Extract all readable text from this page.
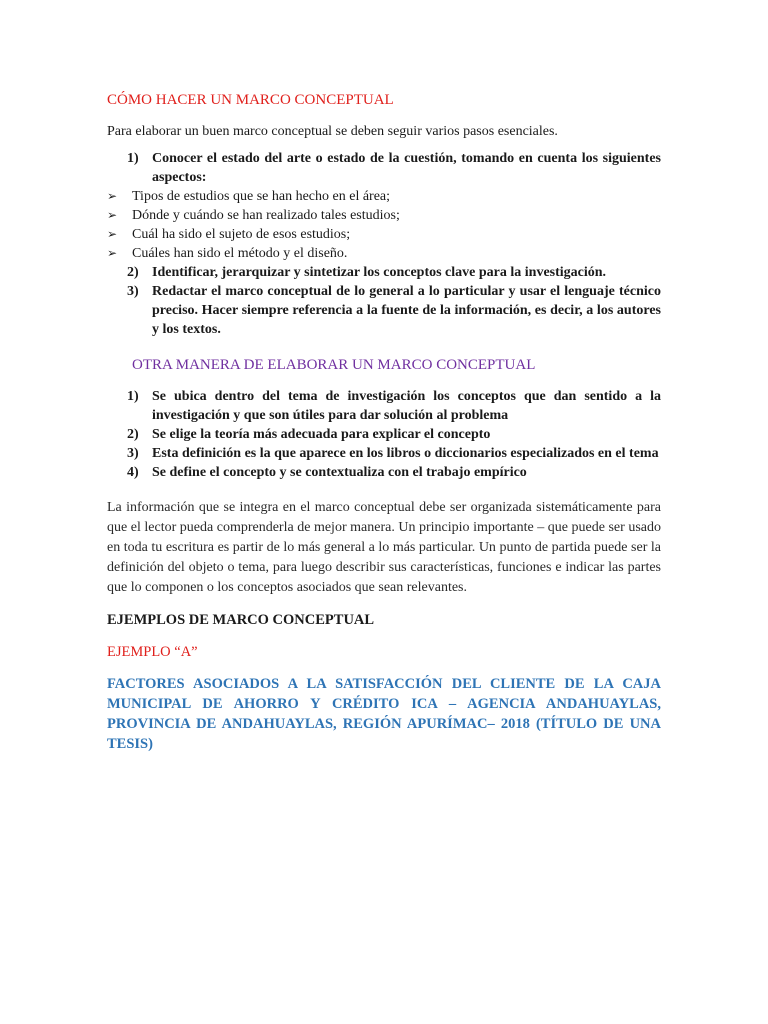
CÓMO HACER UN MARCO CONCEPTUAL
Para elaborar un buen marco conceptual se deben seguir varios pasos esenciales.
1) Conocer el estado del arte o estado de la cuestión, tomando en cuenta los siguientes aspectos:
➢	Tipos de estudios que se han hecho en el área;
➢	Dónde y cuándo se han realizado tales estudios;
➢	Cuál ha sido el sujeto de esos estudios;
➢	Cuáles han sido el método y el diseño.
2) Identificar, jerarquizar y sintetizar los conceptos clave para la investigación.
3) Redactar el marco conceptual de lo general a lo particular y usar el lenguaje técnico preciso. Hacer siempre referencia a la fuente de la información, es decir, a los autores y los textos.
OTRA MANERA DE ELABORAR UN MARCO CONCEPTUAL
1) Se ubica dentro del tema de investigación los conceptos que dan sentido a la investigación y que son útiles para dar solución al problema
2) Se elige la teoría más adecuada para explicar el concepto
3) Esta definición es la que aparece en los libros o diccionarios especializados en el tema
4) Se define el concepto y se contextualiza con el trabajo empírico

La información que se integra en el marco conceptual debe ser organizada sistemáticamente para que el lector pueda comprenderla de mejor manera. Un principio importante – que puede ser usado en toda tu escritura es partir de lo más general a lo más particular. Un punto de partida puede ser la definición del objeto o tema, para luego describir sus características, funciones e indicar las partes que lo componen o los conceptos asociados que sean relevantes.

EJEMPLOS DE MARCO CONCEPTUAL
EJEMPLO “A”

FACTORES ASOCIADOS A LA SATISFACCIÓN DEL CLIENTE DE LA CAJA MUNICIPAL DE AHORRO Y CRÉDITO ICA – AGENCIA ANDAHUAYLAS, PROVINCIA DE ANDAHUAYLAS, REGIÓN APURÍMAC– 2018 (TÍTULO DE UNA TESIS)
